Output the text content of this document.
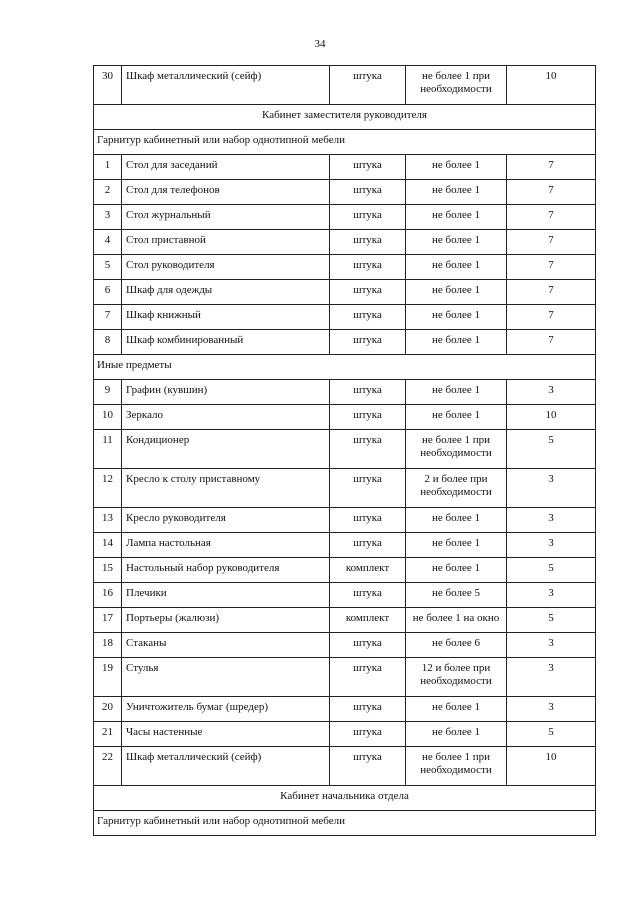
34
30	Шкаф металлический (сейф)	штука	не более 1 при необходимости	10

Кабинет заместителя руководителя				

Гарнитур кабинетный или набор однотипной мебели				

1	Стол для заседаний	штука	не более 1	7

2	Стол для телефонов	штука	не более 1	7

3	Стол журнальный	штука	не более 1	7

4	Стол приставной	штука	не более 1	7

5	Стол руководителя	штука	не более 1	7

6	Шкаф для одежды	штука	не более 1	7

7	Шкаф книжный	штука	не более 1	7

8	Шкаф комбинированный	штука	не более 1	7

Иные предметы				

9	Графин (кувшин)	штука	не более 1	3

10	Зеркало	штука	не более 1	10

11	Кондиционер	штука	не более 1 при необходимости	5

12	Кресло к столу приставному	штука	2 и более при необходимости	3

13	Кресло руководителя	штука	не более 1	3

14	Лампа настольная	штука	не более 1	3

15	Настольный набор руководителя	комплект	не более 1	5

16	Плечики	штука	не более 5	3

17	Портьеры (жалюзи)	комплект	не более 1 на окно	5

18	Стаканы	штука	не более 6	3

19	Стулья	штука	12 и более при необходимости	3

20	Уничтожитель бумаг (шредер)	штука	не более 1	3

21	Часы настенные	штука	не более 1	5

22	Шкаф металлический (сейф)	штука	не более 1 при необходимости	10

Кабинет начальника отдела				

Гарнитур кабинетный или набор однотипной мебели				
